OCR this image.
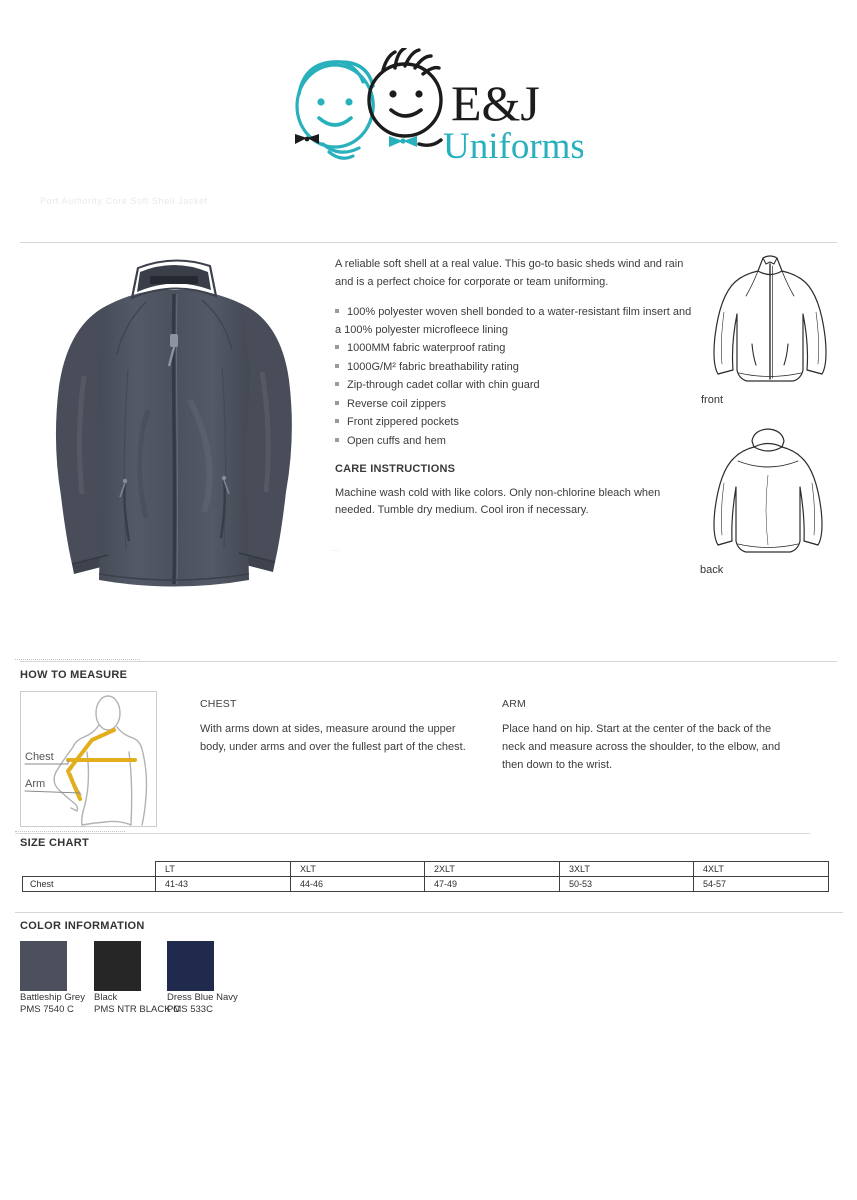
E&J
Uniforms
Port Authority Core Soft Shell Jacket

A reliable soft shell at a real value. This go-to basic sheds wind and rain and is a perfect choice for corporate or team uniforming.

100% polyester woven shell bonded to a water-resistant film insert and a 100% polyester microfleece lining
1000MM fabric waterproof rating
1000G/M² fabric breathability rating
Zip-through cadet collar with chin guard
Reverse coil zippers
Front zippered pockets
Open cuffs and hem
CARE INSTRUCTIONS

Machine wash cold with like colors. Only non-chlorine bleach when needed. Tumble dry medium. Cool iron if necessary.

–
front
back
HOW TO MEASURE
Chest
Arm
CHEST
With arms down at sides, measure around the upper body, under arms and over the fullest part of the chest.
ARM
Place hand on hip. Start at the center of the back of the neck and measure across the shoulder, to the elbow, and then down to the wrist.
SIZE CHART
	LT	XLT	2XLT	3XLT	4XLT
Chest	41-43	44-46	47-49	50-53	54-57
COLOR INFORMATION
Battleship Grey Black	Dress Blue Navy
PMS 7540 C PMS NTR BLACK C
PMS 533C
